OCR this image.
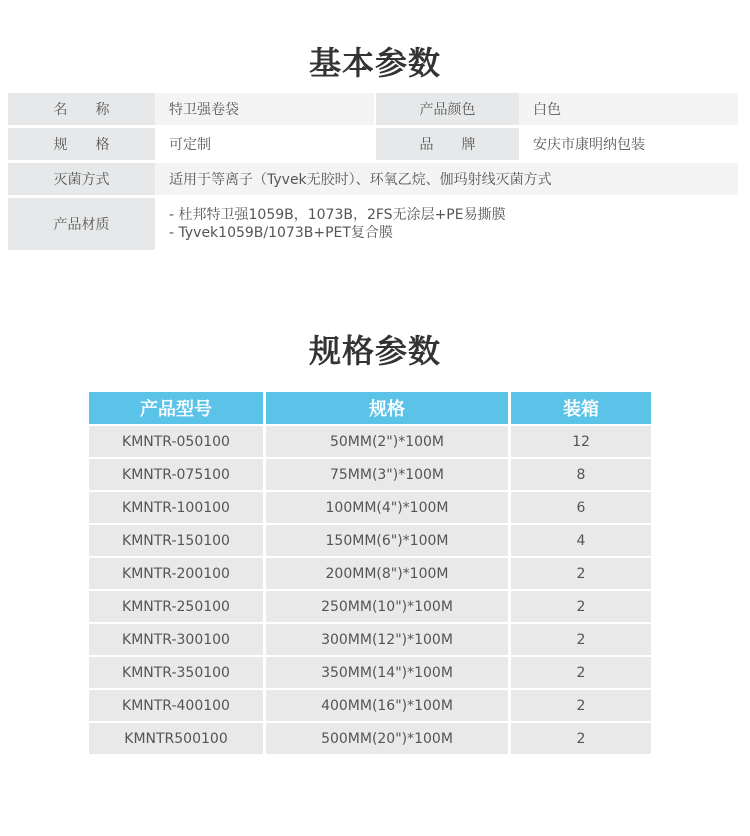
基本参数
名　　称	特卫强卷袋	产品颜色	白色
规　　格	可定制	品　　牌	安庆市康明纳包装
灭菌方式	适用于等离子（Tyvek无胶时）、环氧乙烷、伽玛射线灭菌方式
产品材质
- 杜邦特卫强1059B，1073B，2FS无涂层+PE易撕膜
- Tyvek1059B/1073B+PET复合膜
规格参数
产品型号	规格	装箱
KMNTR-050100	50MM(2")*100M	12
KMNTR-075100	75MM(3")*100M	8
KMNTR-100100	100MM(4")*100M	6
KMNTR-150100	150MM(6")*100M	4
KMNTR-200100	200MM(8")*100M	2
KMNTR-250100	250MM(10")*100M	2
KMNTR-300100	300MM(12")*100M	2
KMNTR-350100	350MM(14")*100M	2
KMNTR-400100	400MM(16")*100M	2
KMNTR500100	500MM(20")*100M	2
